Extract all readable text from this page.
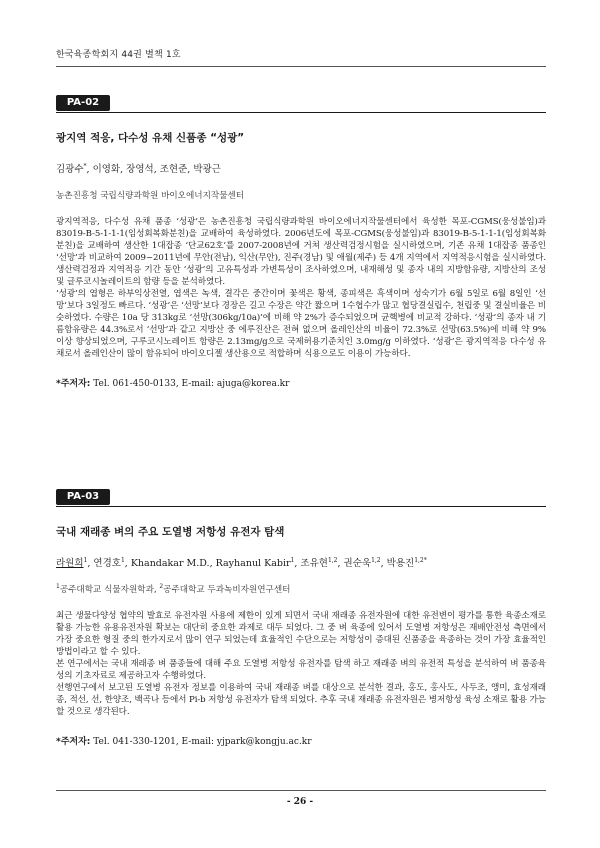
한국육종학회지 44권 별책 1호
PA-02
광지역 적응, 다수성 유채 신품종 “성광”
김광수*, 이영화, 장영석, 조현준, 박광근
농촌진흥청 국립식량과학원 바이오에너지작물센터

광지역적응, 다수성 유채 품종 ‘성광’은 농촌진흥청 국립식량과학원 바이오에너지작물센터에서 육성한 목포-CGMS(웅성불임)과 83019-B-5-1-1-1(임성회복화분친)을 교배하여 육성하였다. 2006년도에 목포-CGMS(웅성불임)과 83019-B-5-1-1-1(임성회복화분친)을 교배하여 생산한 1대잡종 ‘단교62호’를 2007-2008년에 거쳐 생산력검정시험을 실시하였으며, 기존 유채 1대잡종 품종인 ‘선망’과 비교하여 2009~2011년에 무안(전남), 익산(무안), 진주(경남) 및 애월(제주) 등 4개 지역에서 지역적응시험을 실시하였다. 생산력검정과 지역적응 기간 동안 ‘성광’의 고유특성과 가변특성이 조사하였으며, 내재해성 및 종자 내의 지방함유량, 지방산의 조성 및 글루코시놀레이트의 함량 등을 분석하였다.

‘성광’의 엽형은 하부익상전열, 엽색은 녹색, 결각은 중간이며 꽃색은 황색, 종피색은 흑색이며 성숙기가 6월 5일로 6월 8일인 ‘선망’보다 3일정도 빠르다. ‘성광’은 ‘선망’보다 경장은 길고 수장은 약간 짧으며 1수협수가 많고 협당결실립수, 천립중 및 결실비율은 비슷하였다. 수량은 10a 당 313kg로 ‘선망(306kg/10a)’에 비해 약 2%가 증수되었으며 균핵병에 비교적 강하다. ‘성광’의 종자 내 기름함유량은 44.3%로서 ‘선망’과 같고 지방산 중 에루진산은 전혀 없으며 올레인산의 비율이 72.3%로 선망(63.5%)에 비해 약 9% 이상 향상되었으며, 구루코시노레이트 함량은 2.13mg/g으로 국제허용기준치인 3.0mg/g 이하였다. ‘성광’은 광지역적응 다수성 유채로서 올레인산이 많이 함유되어 바이오디젤 생산용으로 적합하며 식용으로도 이용이 가능하다.

*주저자: Tel. 061-450-0133, E-mail: ajuga@korea.kr
PA-03
국내 재래종 벼의 주요 도열병 저항성 유전자 탐색
라원희$^1$, 연경호$^1$, Khandakar M.D., Rayhanul Kabir$^1$, 조유현$^{1,2}$, 권순욱$^{1,2}$, 박용진$^{1,2*}$
$^1$공주대학교 식물자원학과, $^2$공주대학교 두과녹비자원연구센터

최근 생물다양성 협약의 발효로 유전자원 사용에 제한이 있게 되면서 국내 재래종 유전자원에 대한 유전변이 평가를 통한 육종소재로 활용 가능한 유용유전자원 확보는 대단히 중요한 과제로 대두 되었다. 그 중 벼 육종에 있어서 도열병 저항성은 재배안전성 측면에서 가장 중요한 형질 중의 한가지로서 많이 연구 되었는데 효율적인 수단으로는 저항성이 증대된 신품종을 육종하는 것이 가장 효율적인 방법이라고 할 수 있다.

본 연구에서는 국내 재래종 벼 품종들에 대해 주요 도열병 저항성 유전자를 탐색 하고 재래종 벼의 유전적 특성을 분석하여 벼 품종육성의 기초자료로 제공하고자 수행하였다.

선행연구에서 보고된 도열병 유전자 정보를 이용하여 국내 재래종 벼를 대상으로 분석한 결과, 홍도, 홍사도, 사두조, 앵미, 효성재래종, 적선, 선, 한양조, 백곡나 등에서 Pi-b 저항성 유전자가 탐색 되었다. 추후 국내 재래종 유전자원은 병저항성 육성 소재로 활용 가능할 것으로 생각된다.

*주저자: Tel. 041-330-1201, E-mail: yjpark@kongju.ac.kr
- 26 -
